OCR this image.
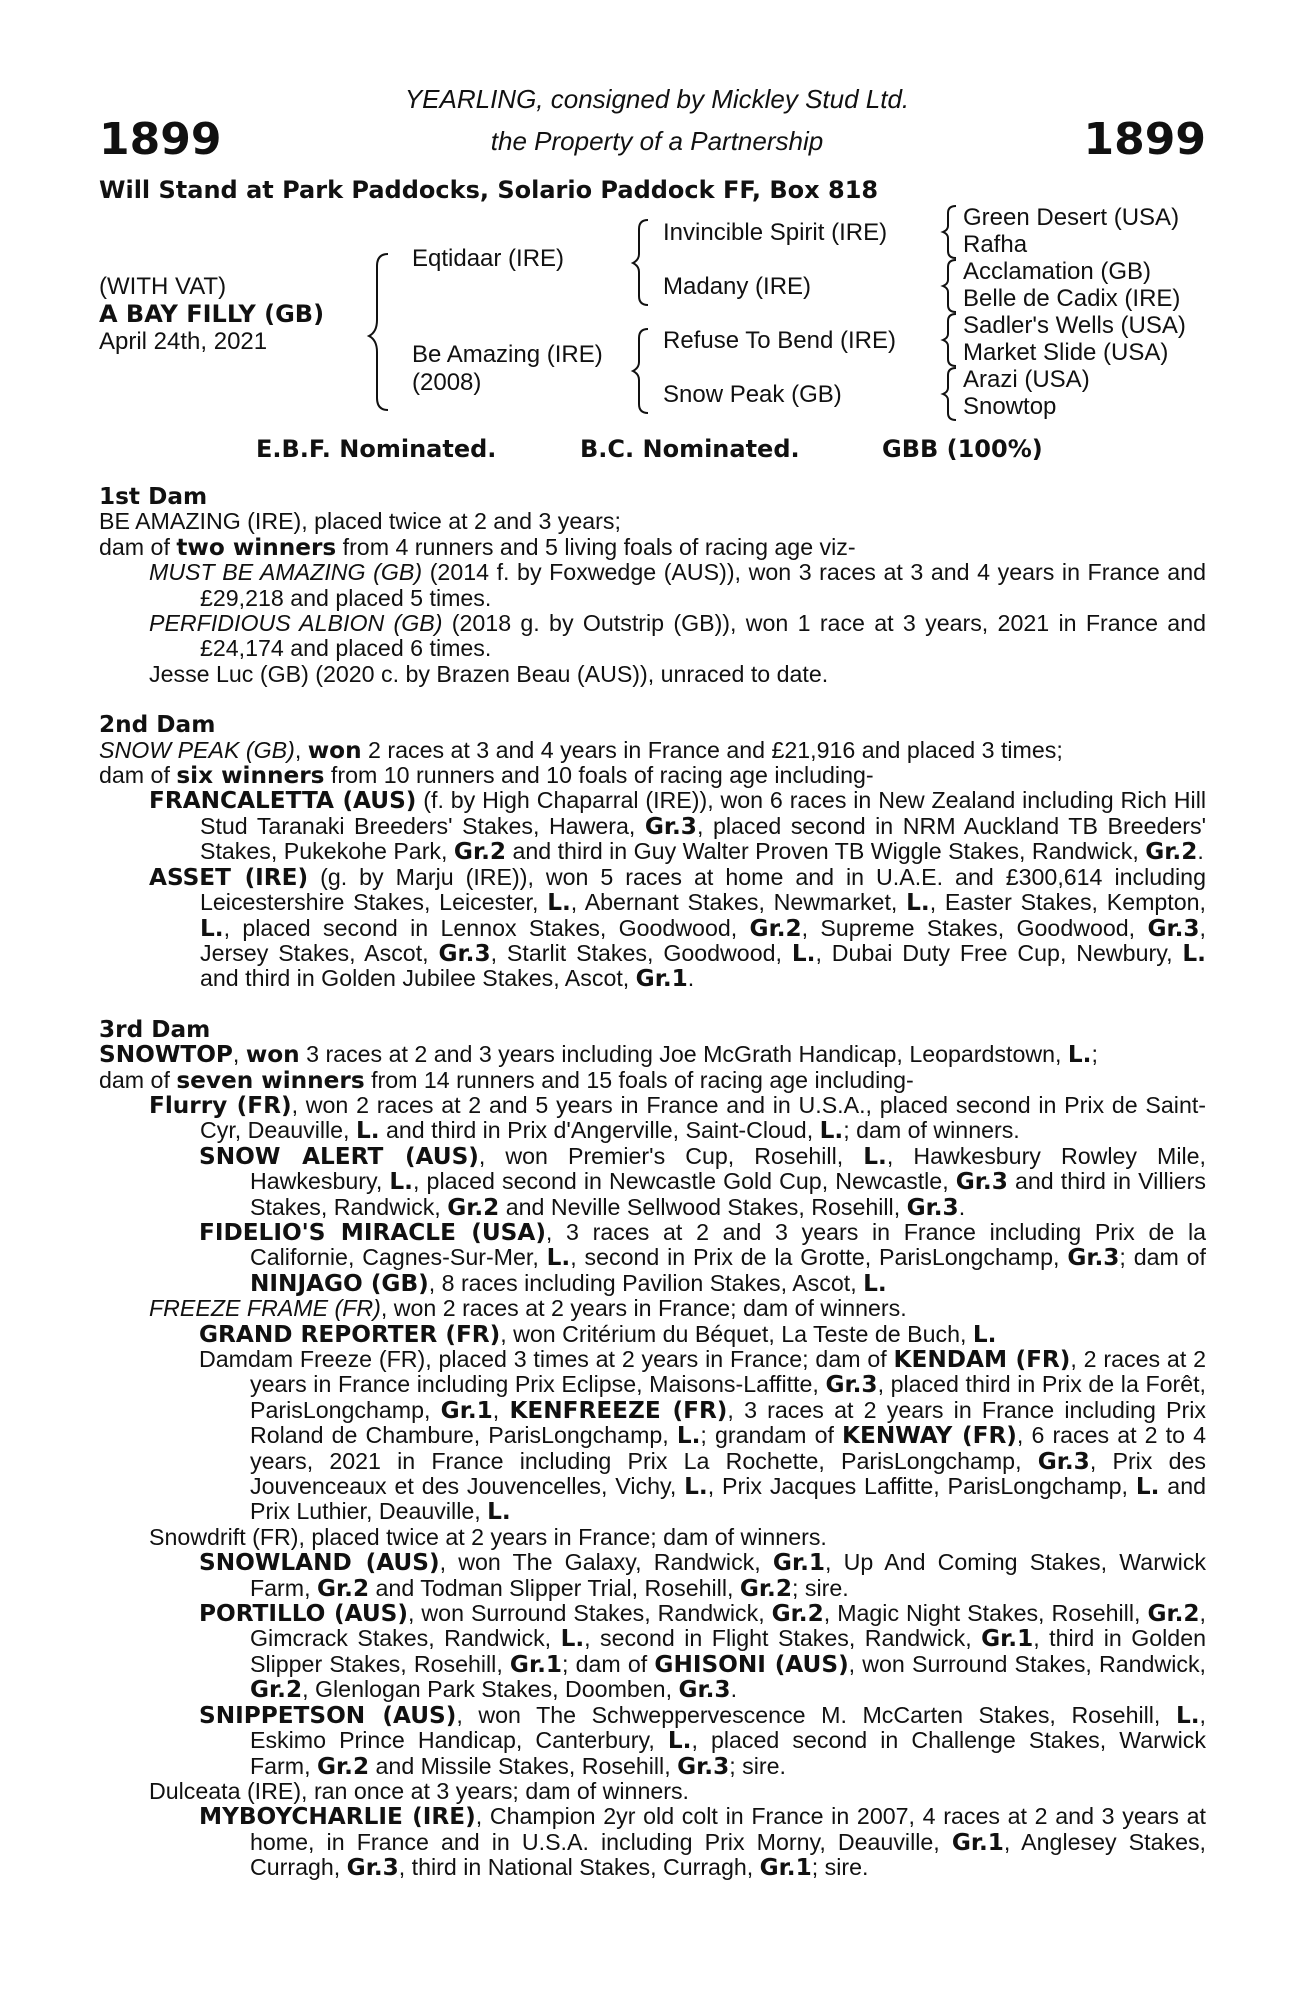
YEARLING, consigned by Mickley Stud Ltd.
the Property of a Partnership
1899	1899
Will Stand at Park Paddocks, Solario Paddock FF, Box 818
(WITH VAT)
A BAY FILLY (GB)
April 24th, 2021
Eqtidaar (IRE)
Be Amazing (IRE)
(2008)
Invincible Spirit (IRE)
Madany (IRE)
Refuse To Bend (IRE)
Snow Peak (GB)
Green Desert (USA)
Rafha
Acclamation (GB)
Belle de Cadix (IRE)
Sadler's Wells (USA)
Market Slide (USA)
Arazi (USA)
Snowtop
E.B.F. Nominated.	B.C. Nominated.	GBB (100%)

1st Dam

BE AMAZING (IRE), placed twice at 2 and 3 years;

dam of two winners from 4 runners and 5 living foals of racing age viz-

MUST BE AMAZING (GB) (2014 f. by Foxwedge (AUS)), won 3 races at 3 and 4 years in France and £29,218 and placed 5 times.

PERFIDIOUS ALBION (GB) (2018 g. by Outstrip (GB)), won 1 race at 3 years, 2021 in France and £24,174 and placed 6 times.

Jesse Luc (GB) (2020 c. by Brazen Beau (AUS)), unraced to date.

2nd Dam

SNOW PEAK (GB), won 2 races at 3 and 4 years in France and £21,916 and placed 3 times;

dam of six winners from 10 runners and 10 foals of racing age including-

FRANCALETTA (AUS) (f. by High Chaparral (IRE)), won 6 races in New Zealand including Rich Hill Stud Taranaki Breeders' Stakes, Hawera, Gr.3, placed second in NRM Auckland TB Breeders' Stakes, Pukekohe Park, Gr.2 and third in Guy Walter Proven TB Wiggle Stakes, Randwick, Gr.2.

ASSET (IRE) (g. by Marju (IRE)), won 5 races at home and in U.A.E. and £300,614 including Leicestershire Stakes, Leicester, L., Abernant Stakes, Newmarket, L., Easter Stakes, Kempton, L., placed second in Lennox Stakes, Goodwood, Gr.2, Supreme Stakes, Goodwood, Gr.3, Jersey Stakes, Ascot, Gr.3, Starlit Stakes, Goodwood, L., Dubai Duty Free Cup, Newbury, L. and third in Golden Jubilee Stakes, Ascot, Gr.1.

3rd Dam

SNOWTOP, won 3 races at 2 and 3 years including Joe McGrath Handicap, Leopardstown, L.;

dam of seven winners from 14 runners and 15 foals of racing age including-

Flurry (FR), won 2 races at 2 and 5 years in France and in U.S.A., placed second in Prix de Saint-Cyr, Deauville, L. and third in Prix d'Angerville, Saint-Cloud, L.; dam of winners.

SNOW ALERT (AUS), won Premier's Cup, Rosehill, L., Hawkesbury Rowley Mile, Hawkesbury, L., placed second in Newcastle Gold Cup, Newcastle, Gr.3 and third in Villiers Stakes, Randwick, Gr.2 and Neville Sellwood Stakes, Rosehill, Gr.3.

FIDELIO'S MIRACLE (USA), 3 races at 2 and 3 years in France including Prix de la Californie, Cagnes-Sur-Mer, L., second in Prix de la Grotte, ParisLongchamp, Gr.3; dam of NINJAGO (GB), 8 races including Pavilion Stakes, Ascot, L.

FREEZE FRAME (FR), won 2 races at 2 years in France; dam of winners.

GRAND REPORTER (FR), won Critérium du Béquet, La Teste de Buch, L.

Damdam Freeze (FR), placed 3 times at 2 years in France; dam of KENDAM (FR), 2 races at 2 years in France including Prix Eclipse, Maisons-Laffitte, Gr.3, placed third in Prix de la Forêt, ParisLongchamp, Gr.1, KENFREEZE (FR), 3 races at 2 years in France including Prix Roland de Chambure, ParisLongchamp, L.; grandam of KENWAY (FR), 6 races at 2 to 4 years, 2021 in France including Prix La Rochette, ParisLongchamp, Gr.3, Prix des Jouvenceaux et des Jouvencelles, Vichy, L., Prix Jacques Laffitte, ParisLongchamp, L. and Prix Luthier, Deauville, L.

Snowdrift (FR), placed twice at 2 years in France; dam of winners.

SNOWLAND (AUS), won The Galaxy, Randwick, Gr.1, Up And Coming Stakes, Warwick Farm, Gr.2 and Todman Slipper Trial, Rosehill, Gr.2; sire.

PORTILLO (AUS), won Surround Stakes, Randwick, Gr.2, Magic Night Stakes, Rosehill, Gr.2, Gimcrack Stakes, Randwick, L., second in Flight Stakes, Randwick, Gr.1, third in Golden Slipper Stakes, Rosehill, Gr.1; dam of GHISONI (AUS), won Surround Stakes, Randwick, Gr.2, Glenlogan Park Stakes, Doomben, Gr.3.

SNIPPETSON (AUS), won The Schweppervescence M. McCarten Stakes, Rosehill, L., Eskimo Prince Handicap, Canterbury, L., placed second in Challenge Stakes, Warwick Farm, Gr.2 and Missile Stakes, Rosehill, Gr.3; sire.

Dulceata (IRE), ran once at 3 years; dam of winners.

MYBOYCHARLIE (IRE), Champion 2yr old colt in France in 2007, 4 races at 2 and 3 years at home, in France and in U.S.A. including Prix Morny, Deauville, Gr.1, Anglesey Stakes, Curragh, Gr.3, third in National Stakes, Curragh, Gr.1; sire.
